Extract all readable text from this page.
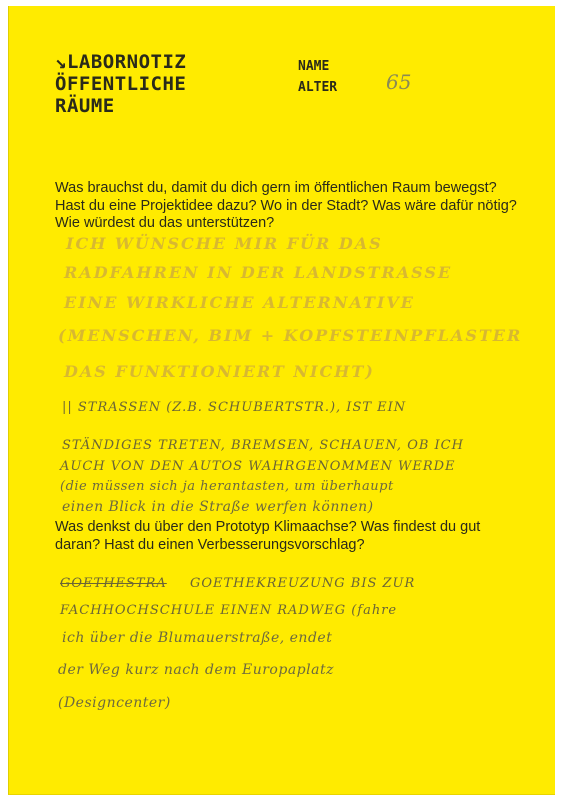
↘LABORNOTIZ
ÖFFENTLICHE
RÄUME
NAME
ALTER 65
Was brauchst du, damit du dich gern im öffentlichen Raum bewegst? Hast du eine Projektidee dazu? Wo in der Stadt? Was wäre dafür nötig? Wie würdest du das unterstützen?
ICH WÜNSCHE MIR FÜR DAS
RADFAHREN IN DER LANDSTRASSE
EINE WIRKLICHE ALTERNATIVE
(MENSCHEN, BIM + KOPFSTEINPFLASTER
DAS FUNKTIONIERT NICHT)
|| STRASSEN (Z.B. SCHUBERTSTR.), IST EIN
STÄNDIGES TRETEN, BREMSEN, SCHAUEN, OB ICH
AUCH VON DEN AUTOS WAHRGENOMMEN WERDE
(die müssen sich ja herantasten, um überhaupt
einen Blick in die Straße werfen können)
Was denkst du über den Prototyp Klimaachse? Was findest du gut daran? Hast du einen Verbesserungsvorschlag?
GOETHESTRA GOETHEKREUZUNG BIS ZUR
FACHHOCHSCHULE EINEN RADWEG (fahre
ich über die Blumauerstraße, endet
der Weg kurz nach dem Europaplatz
(Designcenter)
